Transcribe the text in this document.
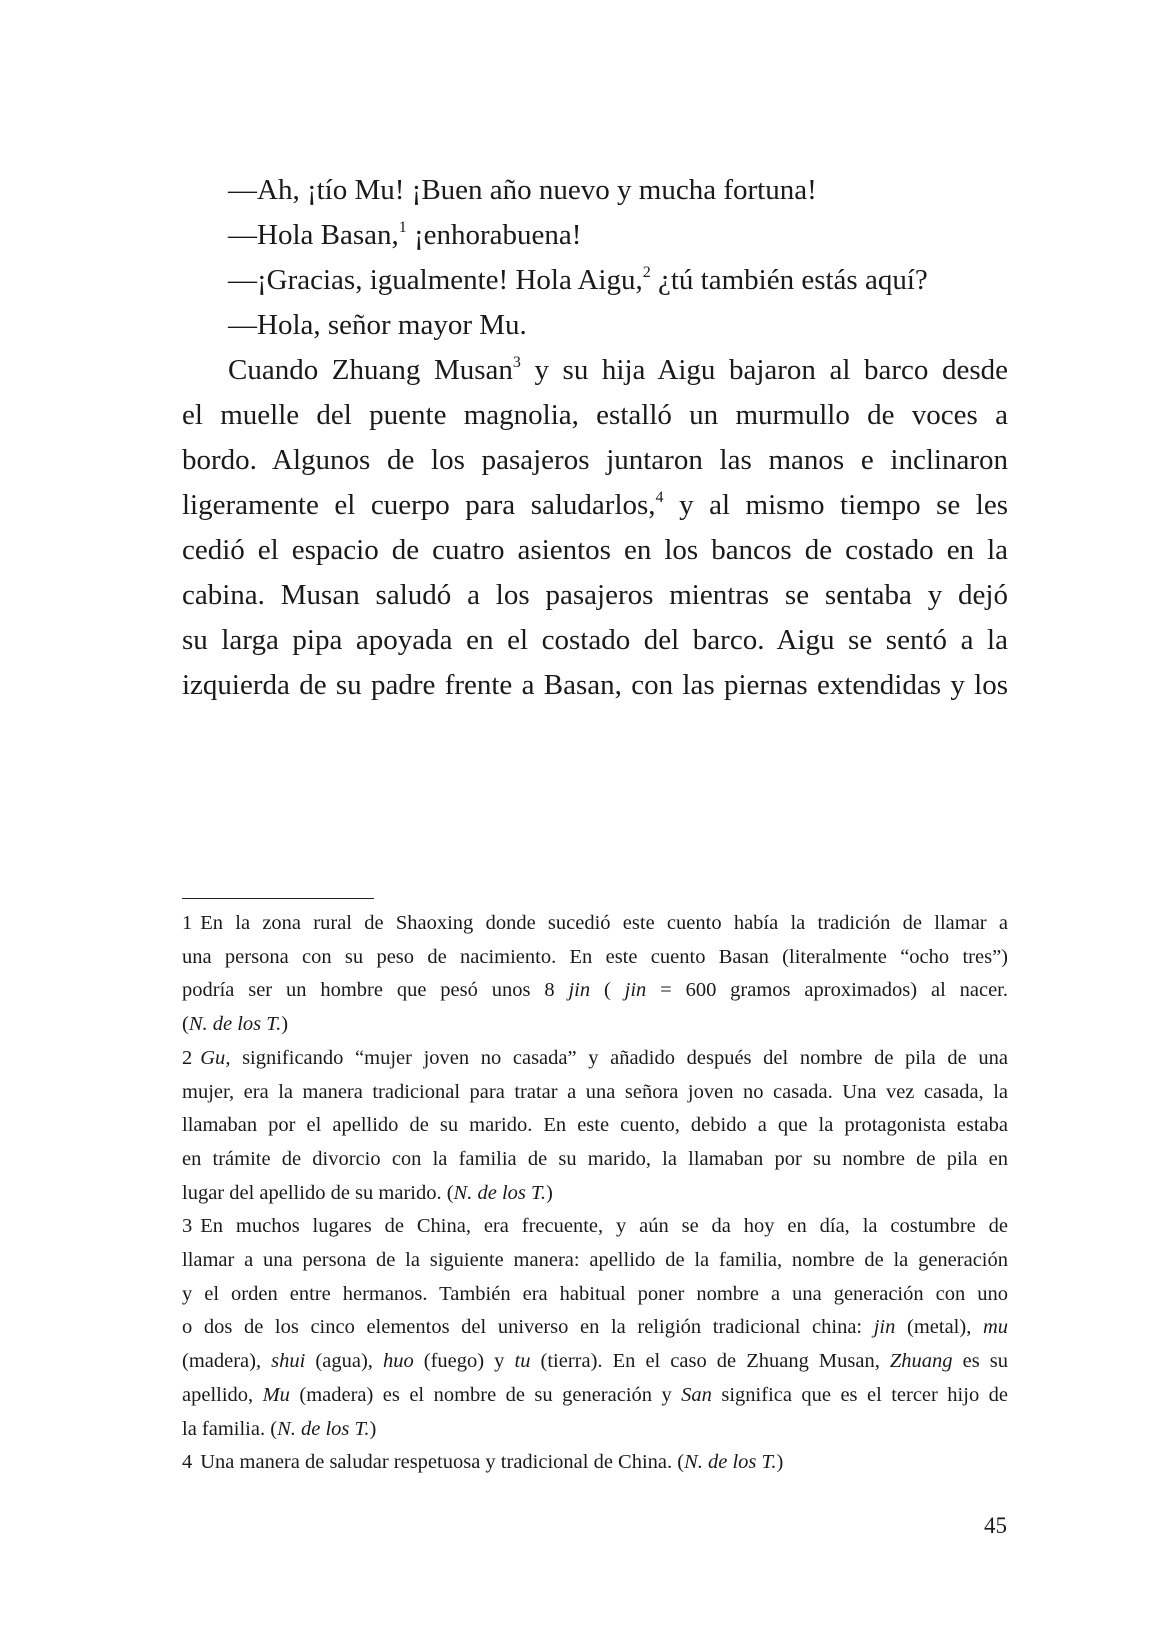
—Ah, ¡tío Mu! ¡Buen año nuevo y mucha fortuna!
—Hola Basan,$^1$ ¡enhorabuena!
—¡Gracias, igualmente! Hola Aigu,$^2$ ¿tú también estás aquí?
—Hola, señor mayor Mu.
Cuando Zhuang Musan$^3$ y su hija Aigu bajaron al barco desde
el muelle del puente magnolia, estalló un murmullo de voces a
bordo. Algunos de los pasajeros juntaron las manos e inclinaron
ligeramente el cuerpo para saludarlos,$^4$ y al mismo tiempo se les
cedió el espacio de cuatro asientos en los bancos de costado en la
cabina. Musan saludó a los pasajeros mientras se sentaba y dejó
su larga pipa apoyada en el costado del barco. Aigu se sentó a la
izquierda de su padre frente a Basan, con las piernas extendidas y los
1 En la zona rural de Shaoxing donde sucedió este cuento había la tradición de llamar a
una persona con su peso de nacimiento. En este cuento Basan (literalmente “ocho tres”)
podría ser un hombre que pesó unos 8 jin ( jin = 600 gramos aproximados) al nacer.
(N. de los T.)
2 Gu, significando “mujer joven no casada” y añadido después del nombre de pila de una
mujer, era la manera tradicional para tratar a una señora joven no casada. Una vez casada, la
llamaban por el apellido de su marido. En este cuento, debido a que la protagonista estaba
en trámite de divorcio con la familia de su marido, la llamaban por su nombre de pila en
lugar del apellido de su marido. (N. de los T.)
3 En muchos lugares de China, era frecuente, y aún se da hoy en día, la costumbre de
llamar a una persona de la siguiente manera: apellido de la familia, nombre de la generación
y el orden entre hermanos. También era habitual poner nombre a una generación con uno
o dos de los cinco elementos del universo en la religión tradicional china: jin (metal), mu
(madera), shui (agua), huo (fuego) y tu (tierra). En el caso de Zhuang Musan, Zhuang es su
apellido, Mu (madera) es el nombre de su generación y San significa que es el tercer hijo de
la familia. (N. de los T.)
4 Una manera de saludar respetuosa y tradicional de China. (N. de los T.)
45
